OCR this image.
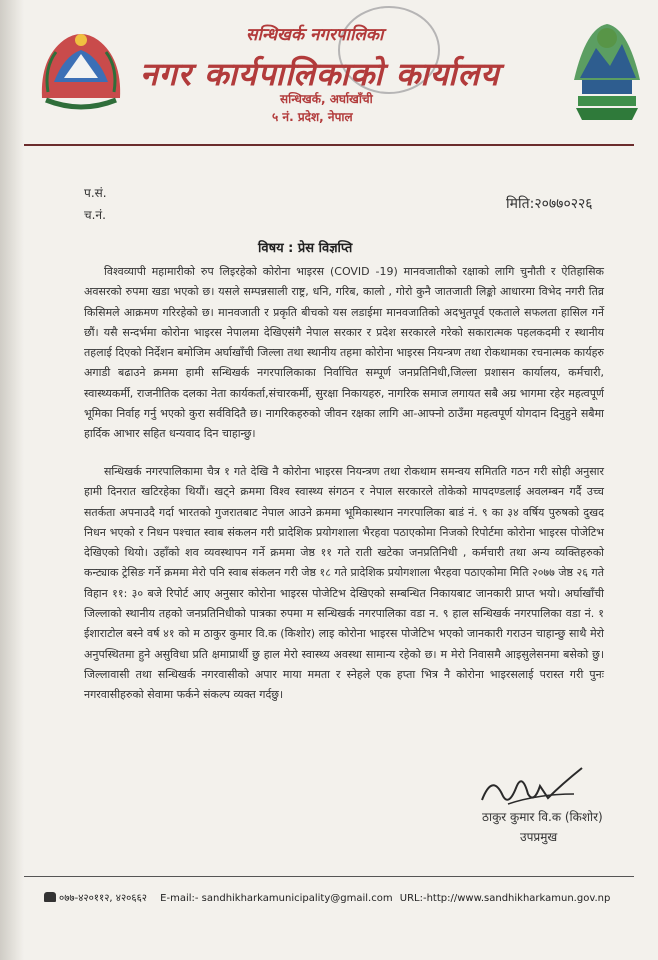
सन्धिखर्क नगरपालिका
नगर कार्यपालिकाको कार्यालय
सन्धिखर्क, अर्घाखाँची
५ नं. प्रदेश, नेपाल
प.सं.
च.नं.
मिति:२०७७०२२६
विषय : प्रेस विज्ञप्ति

विश्वव्यापी महामारीको रुप लिइरहेको कोरोना भाइरस (COVID -19) मानवजातीको रक्षाको लागि चुनौती र ऐतिहासिक अवसरको रुपमा खडा भएको छ। यसले सम्पन्नसाली राष्ट्र, धनि, गरिब, कालो , गोरो कुनै जातजाती लिङ्को आधारमा विभेद नगरी तिव्र किसिमले आक्रमण गरिरहेको छ। मानवजाती र प्रकृति बीचको यस लडाईमा मानवजातिको अदभुतपूर्व एकताले सफलता हासिल गर्ने छौं। यसै सन्दर्भमा कोरोना भाइरस नेपालमा देखिएसंगै नेपाल सरकार र प्रदेश सरकारले गरेको सकारात्मक पहलकदमी र स्थानीय तहलाई दिएको निर्देशन बमोजिम अर्घाखाँची जिल्ला तथा स्थानीय तहमा कोरोना भाइरस नियन्त्रण तथा रोकथामका रचनात्मक कार्यहरु अगाडी बढाउने क्रममा हामी सन्धिखर्क नगरपालिकाका निर्वाचित सम्पूर्ण जनप्रतिनिधी,जिल्ला प्रशासन कार्यालय, कर्मचारी, स्वास्थ्यकर्मी, राजनीतिक दलका नेता कार्यकर्ता,संचारकर्मी, सुरक्षा निकायहरु, नागरिक समाज लगायत सबै अग्र भागमा रहेर महत्वपूर्ण भूमिका निर्वाह गर्नु भएको कुरा सर्वविदितै छ। नागरिकहरुको जीवन रक्षका लागि आ-आफ्नो ठाउँमा महत्वपूर्ण योगदान दिनुहुने सबैमा हार्दिक आभार सहित धन्यवाद दिन चाहान्छु।

सन्धिखर्क नगरपालिकामा चैत्र १ गते देखि नै कोरोना भाइरस नियन्त्रण तथा रोकथाम समन्वय समितति गठन गरी सोही अनुसार हामी दिनरात खटिरहेका थियौं। खट्ने क्रममा विश्व स्वास्थ्य संगठन र नेपाल सरकारले तोकेको मापदण्डलाई अवलम्बन गर्दै उच्च सतर्कता अपनाउदै गर्दा भारतको गुजरातबाट नेपाल आउने क्रममा भूमिकास्थान नगरपालिका बाडं नं. ९ का ३४ वर्षिय पुरुषको दुखद निधन भएको र निधन पश्चात स्वाब संकलन गरी प्रादेशिक प्रयोगशाला भैरहवा पठाएकोमा निजको रिपोर्टमा कोरोना भाइरस पोजेटिभ देखिएको थियो। उहाँको शव व्यवस्थापन गर्ने क्रममा जेष्ठ ११ गते राती खटेका जनप्रतिनिधी , कर्मचारी तथा अन्य व्यक्तिहरुको कन्ट्याक ट्रेसिङ गर्ने क्रममा मेरो पनि स्वाब संकलन गरी जेष्ठ १८ गते प्रादेशिक प्रयोगशाला भैरहवा पठाएकोमा मिति २०७७ जेष्ठ २६ गते विहान ११: ३० बजे रिपोर्ट आए अनुसार कोरोना भाइरस पोजेटिभ देखिएको सम्बन्धित निकायबाट जानकारी प्राप्त भयो। अर्घाखाँची जिल्लाको स्थानीय तहको जनप्रतिनिधीको पात्रका रुपमा म सन्धिखर्क नगरपालिका वडा न. ९ हाल सन्धिखर्क नगरपालिका वडा नं. १ ईशाराटोल बस्ने वर्ष ४१ को म ठाकुर कुमार वि.क (किशोर) लाइ कोरोना भाइरस पोजेटिभ भएको जानकारी गराउन चाहान्छु साथै मेरो अनुपस्थितमा हुने असुविधा प्रति क्षमाप्रार्थी छु हाल मेरो स्वास्थ्य अवस्था सामान्य रहेको छ। म मेरो निवासमै आइसुलेसनमा बसेको छु। जिल्लावासी तथा सन्धिखर्क नगरवासीको अपार माया ममता र स्नेहले एक हप्ता भित्र नै कोरोना भाइरसलाई परास्त गरी पुनः नगरवासीहरुको सेवामा फर्कने संकल्प व्यक्त गर्दछु।

ठाकुर कुमार वि.क (किशोर)
उपप्रमुख
०७७-४२०११२, ४२०६६२ E-mail:- sandhikharkamunicipality@gmail.com URL:-http://www.sandhikharkamun.gov.np
